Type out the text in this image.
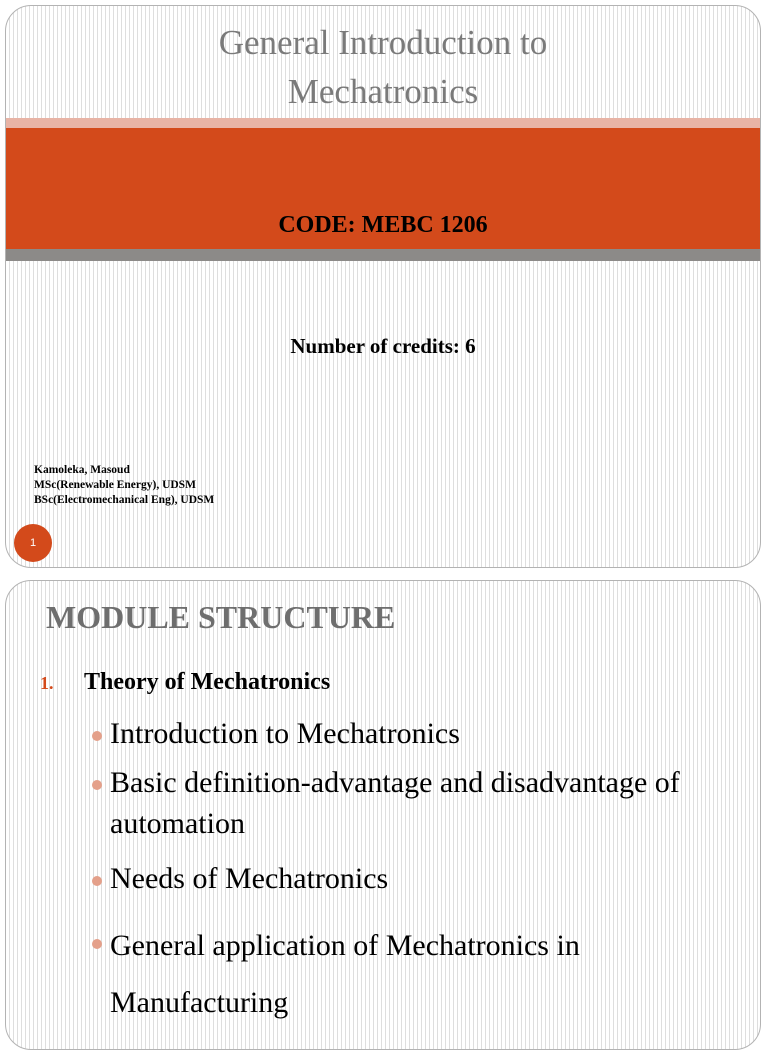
General Introduction to
Mechatronics
CODE: MEBC 1206
Number of credits: 6
Kamoleka, Masoud
MSc(Renewable Energy), UDSM
BSc(Electromechanical Eng), UDSM
1
MODULE STRUCTURE
1. Theory of Mechatronics
Introduction to Mechatronics
Basic definition-advantage and disadvantage of automation
Needs of Mechatronics
General application of Mechatronics in Manufacturing
